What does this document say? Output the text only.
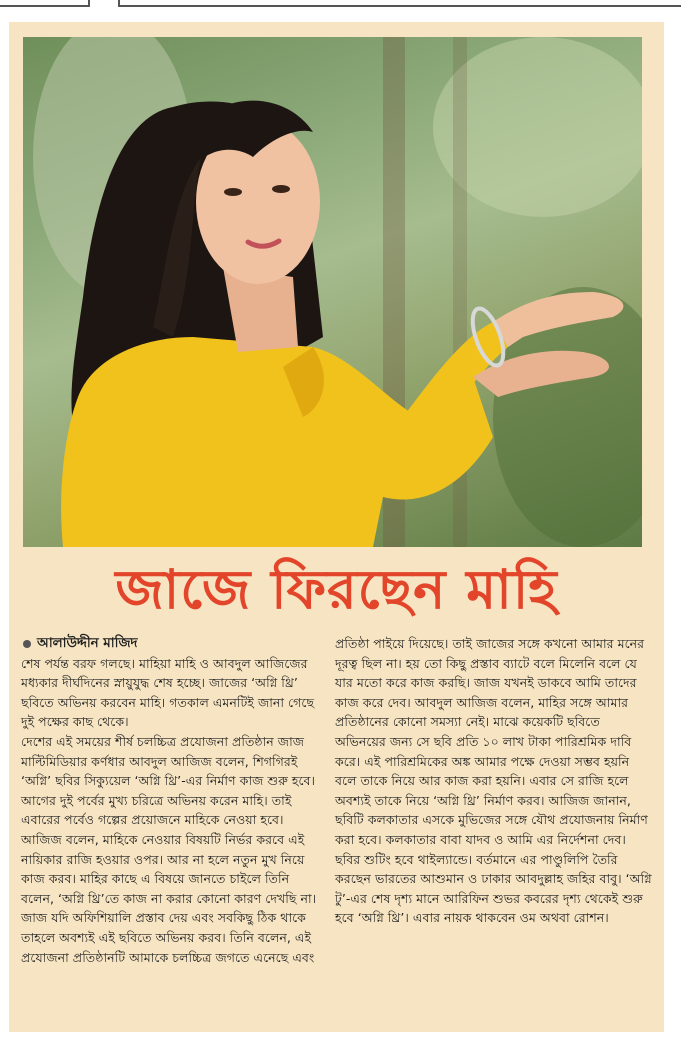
জাজে ফিরছেন মাহি
আলাউদ্দীন মাজিদ

শেষ পর্যন্ত বরফ গলছে। মাহিয়া মাহি ও আবদুল আজিজের মধ্যকার দীর্ঘদিনের স্নায়ুযুদ্ধ শেষ হচ্ছে। জাজের ‘অগ্নি থ্রি’ ছবিতে অভিনয় করবেন মাহি। গতকাল এমনটিই জানা গেছে দুই পক্ষের কাছ থেকে।

দেশের এই সময়ের শীর্ষ চলচ্চিত্র প্রযোজনা প্রতিষ্ঠান জাজ মাল্টিমিডিয়ার কর্ণধার আবদুল আজিজ বলেন, শিগগিরই ‘অগ্নি’ ছবির সিক্যুয়েল ‘অগ্নি থ্রি’-এর নির্মাণ কাজ শুরু হবে। আগের দুই পর্বের মুখ্য চরিত্রে অভিনয় করেন মাহি। তাই এবারের পর্বেও গল্পের প্রয়োজনে মাহিকে নেওয়া হবে। আজিজ বলেন, মাহিকে নেওয়ার বিষয়টি নির্ভর করবে এই নায়িকার রাজি হওয়ার ওপর। আর না হলে নতুন মুখ নিয়ে কাজ করব। মাহির কাছে এ বিষয়ে জানতে চাইলে তিনি বলেন, ‘অগ্নি থ্রি’তে কাজ না করার কোনো কারণ দেখছি না। জাজ যদি অফিশিয়ালি প্রস্তাব দেয় এবং সবকিছু ঠিক থাকে তাহলে অবশ্যই এই ছবিতে অভিনয় করব। তিনি বলেন, এই প্রযোজনা প্রতিষ্ঠানটি আমাকে চলচ্চিত্র জগতে এনেছে এবং

প্রতিষ্ঠা পাইয়ে দিয়েছে। তাই জাজের সঙ্গে কখনো আমার মনের দূরত্ব ছিল না। হয় তো কিছু প্রস্তাব ব্যাটে বলে মিলেনি বলে যে যার মতো করে কাজ করছি। জাজ যখনই ডাকবে আমি তাদের কাজ করে দেব। আবদুল আজিজ বলেন, মাহির সঙ্গে আমার প্রতিষ্ঠানের কোনো সমস্যা নেই। মাঝে কয়েকটি ছবিতে অভিনয়ের জন্য সে ছবি প্রতি ১০ লাখ টাকা পারিশ্রমিক দাবি করে। এই পারিশ্রমিকের অঙ্ক আমার পক্ষে দেওয়া সম্ভব হয়নি বলে তাকে নিয়ে আর কাজ করা হয়নি। এবার সে রাজি হলে অবশ্যই তাকে নিয়ে ‘অগ্নি থ্রি’ নির্মাণ করব। আজিজ জানান, ছবিটি কলকাতার এসকে মুভিজের সঙ্গে যৌথ প্রযোজনায় নির্মাণ করা হবে। কলকাতার বাবা যাদব ও আমি এর নির্দেশনা দেব। ছবির শুটিং হবে থাইল্যান্ডে। বর্তমানে এর পাণ্ডুলিপি তৈরি করছেন ভারতের আশুমান ও ঢাকার আবদুল্লাহ জহির বাবু। ‘অগ্নি টু’-এর শেষ দৃশ্য মানে আরিফিন শুভর কবরের দৃশ্য থেকেই শুরু হবে ‘অগ্নি থ্রি’। এবার নায়ক থাকবেন ওম অথবা রোশন।
